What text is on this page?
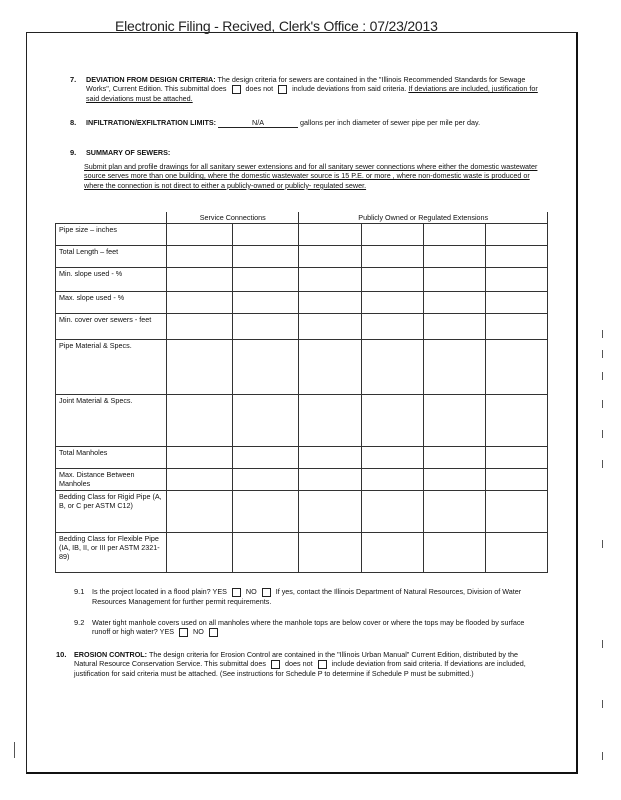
Electronic Filing - Recived, Clerk's Office : 07/23/2013
7. DEVIATION FROM DESIGN CRITERIA: The design criteria for sewers are contained in the "Illinois Recommended Standards for Sewage Works", Current Edition. This submittal does	does not	include deviations from said criteria. If deviations are included, justification for said deviations must be attached.
8. INFILTRATION/EXFILTRATION LIMITS:	N/A	gallons per inch diameter of sewer pipe per mile per day.
9. SUMMARY OF SEWERS:
Submit plan and profile drawings for all sanitary sewer extensions and for all sanitary sewer connections where either the domestic wastewater source serves more than one building, where the domestic wastewater source is 15 P.E. or more , where non-domestic waste is produced or where the connection is not direct to either a publicly-owned or publicly- regulated sewer.
	Service Connections		Publicly Owned or Regulated Extensions			
Pipe size – inches						
Total Length – feet						
Min. slope used - %						
Max. slope used - %						
Min. cover over sewers - feet						
Pipe Material & Specs.						
Joint Material & Specs.						
Total Manholes						
Max. Distance Between Manholes						
Bedding Class for Rigid Pipe (A, B, or C per ASTM C12)						
Bedding Class for Flexible Pipe (IA, IB, II, or III per ASTM 2321-89)						
9.1 Is the project located in a flood plain? YES	NO	If yes, contact the Illinois Department of Natural Resources, Division of Water Resources Management for further permit requirements.
9.2 Water tight manhole covers used on all manholes where the manhole tops are below cover or where the tops may be flooded by surface runoff or high water? YES	NO
10. EROSION CONTROL: The design criteria for Erosion Control are contained in the "Illinois Urban Manual" Current Edition, distributed by the Natural Resource Conservation Service. This submittal does	does not	include deviation from said criteria. If deviations are included, justification for said criteria must be attached. (See instructions for Schedule P to determine if Schedule P must be submitted.)
